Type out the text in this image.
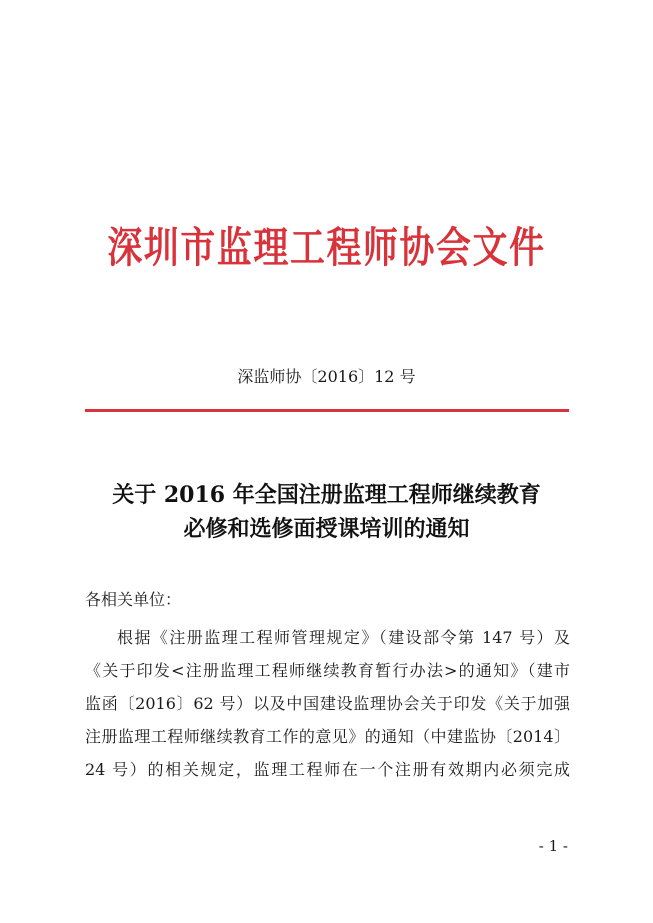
深圳市监理工程师协会文件
深监师协〔2016〕12 号
关于 2016 年全国注册监理工程师继续教育
必修和选修面授课培训的通知
各相关单位：
根据《注册监理工程师管理规定》（建设部令第 147 号）及
《关于印发<注册监理工程师继续教育暂行办法>的通知》（建市
监函〔2016〕62 号）以及中国建设监理协会关于印发《关于加强
注册监理工程师继续教育工作的意见》的通知（中建监协〔2014〕
24 号）的相关规定，监理工程师在一个注册有效期内必须完成
- 1 -
